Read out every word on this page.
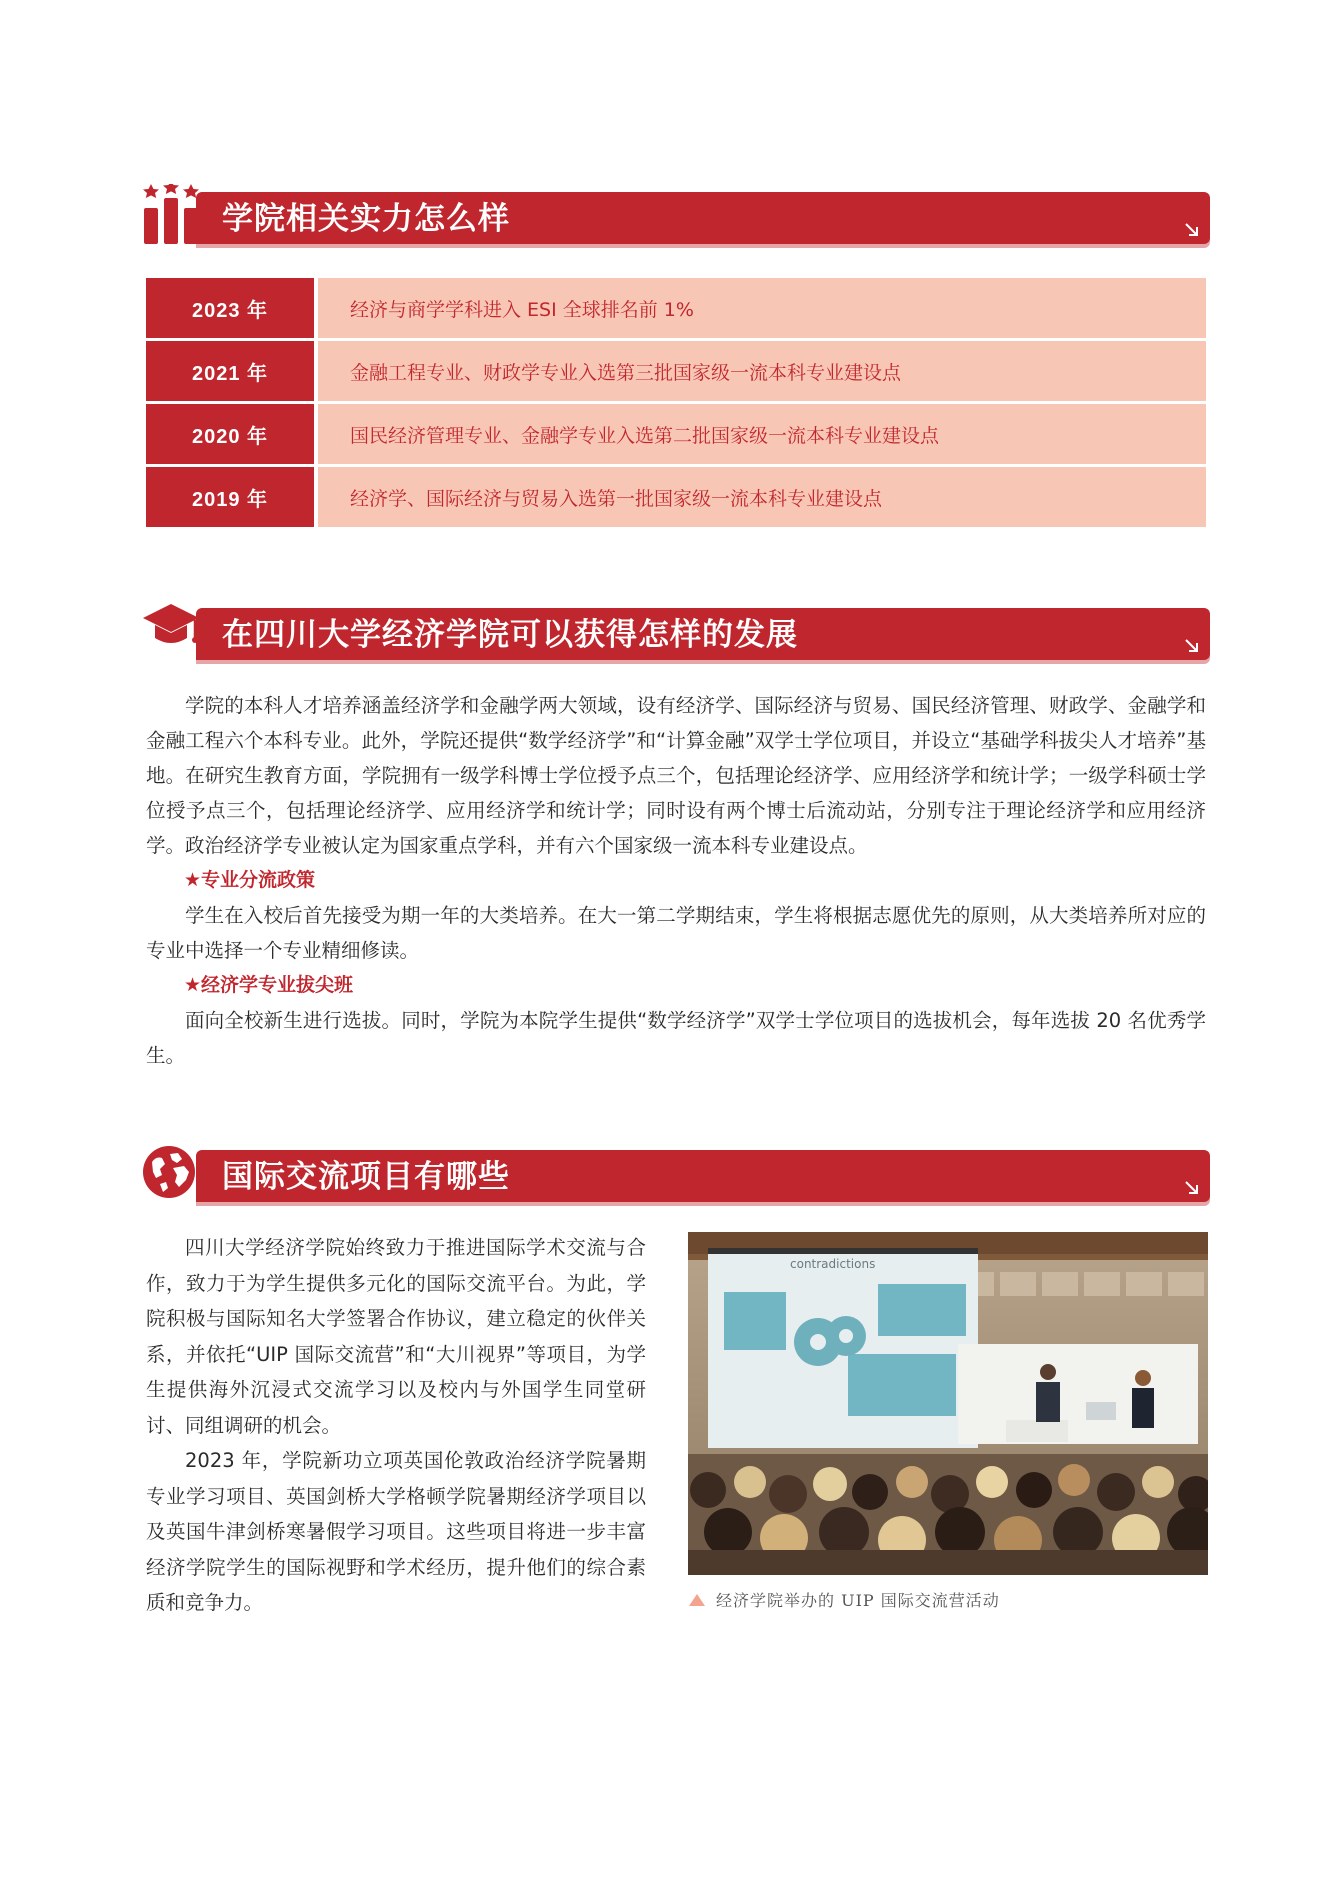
学院相关实力怎么样
2023 年	经济与商学学科进入 ESI 全球排名前 1%
2021 年	金融工程专业、财政学专业入选第三批国家级一流本科专业建设点
2020 年	国民经济管理专业、金融学专业入选第二批国家级一流本科专业建设点
2019 年	经济学、国际经济与贸易入选第一批国家级一流本科专业建设点
在四川大学经济学院可以获得怎样的发展

学院的本科人才培养涵盖经济学和金融学两大领域，设有经济学、国际经济与贸易、国民经济管理、财政学、金融学和金融工程六个本科专业。此外，学院还提供“数学经济学”和“计算金融”双学士学位项目，并设立“基础学科拔尖人才培养”基地。在研究生教育方面，学院拥有一级学科博士学位授予点三个，包括理论经济学、应用经济学和统计学；一级学科硕士学位授予点三个，包括理论经济学、应用经济学和统计学；同时设有两个博士后流动站，分别专注于理论经济学和应用经济学。政治经济学专业被认定为国家重点学科，并有六个国家级一流本科专业建设点。

★专业分流政策

学生在入校后首先接受为期一年的大类培养。在大一第二学期结束，学生将根据志愿优先的原则，从大类培养所对应的专业中选择一个专业精细修读。

★经济学专业拔尖班

面向全校新生进行选拔。同时，学院为本院学生提供“数学经济学”双学士学位项目的选拔机会，每年选拔 20 名优秀学生。

国际交流项目有哪些

四川大学经济学院始终致力于推进国际学术交流与合作，致力于为学生提供多元化的国际交流平台。为此，学院积极与国际知名大学签署合作协议，建立稳定的伙伴关系，并依托“UIP 国际交流营”和“大川视界”等项目，为学生提供海外沉浸式交流学习以及校内与外国学生同堂研讨、同组调研的机会。

2023 年，学院新功立项英国伦敦政治经济学院暑期专业学习项目、英国剑桥大学格顿学院暑期经济学项目以及英国牛津剑桥寒暑假学习项目。这些项目将进一步丰富经济学院学生的国际视野和学术经历，提升他们的综合素质和竞争力。

contradictions
经济学院举办的 UIP 国际交流营活动
